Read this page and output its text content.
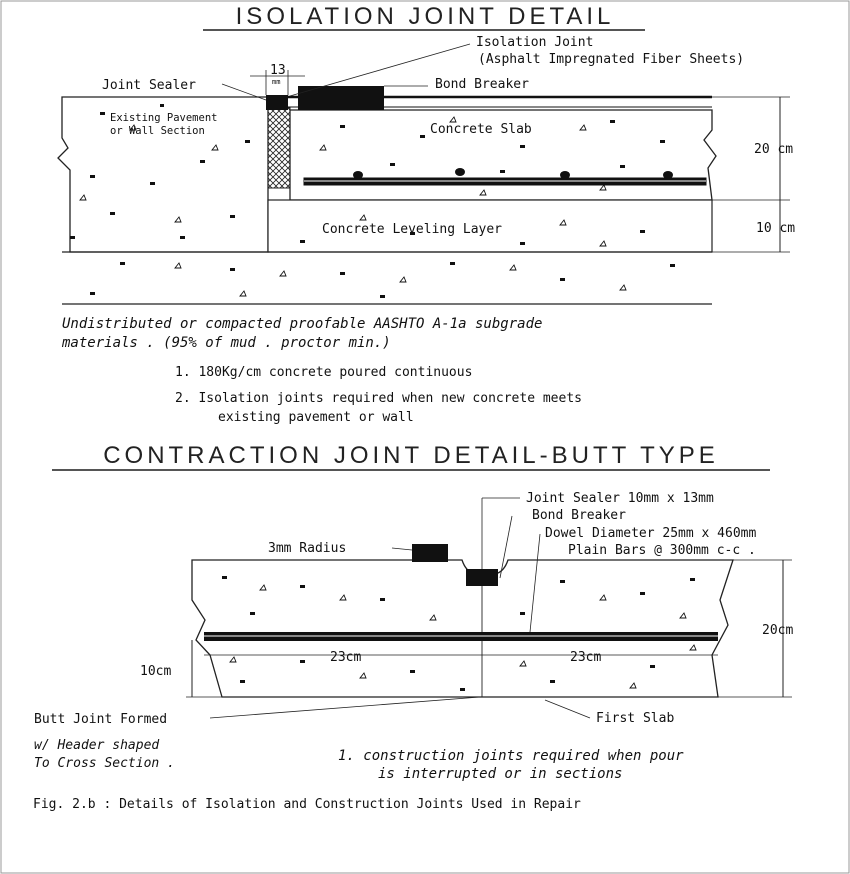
ISOLATION JOINT DETAIL
20 cm
10 cm
13
mm
Isolation Joint
(Asphalt Impregnated Fiber Sheets)
Joint Sealer	Bond Breaker
Existing Pavement
or Wall Section	Concrete Slab
Concrete Leveling Layer
Undistributed or compacted proofable AASHTO A-1a subgrade
materials . (95% of mud . proctor min.)
1. 180Kg/cm concrete poured continuous
2. Isolation joints required when new concrete meets
existing pavement or wall
CONTRACTION JOINT DETAIL-BUTT TYPE
20cm
10cm
23cm	23cm
Joint Sealer 10mm x 13mm
Bond Breaker
Dowel Diameter 25mm x 460mm
Plain Bars @ 300mm c-c .
3mm Radius
Butt Joint Formed
w/ Header shaped
To Cross Section .
First Slab
1. construction joints required when pour
is interrupted or in sections
Fig. 2.b : Details of Isolation and Construction Joints Used in Repair
